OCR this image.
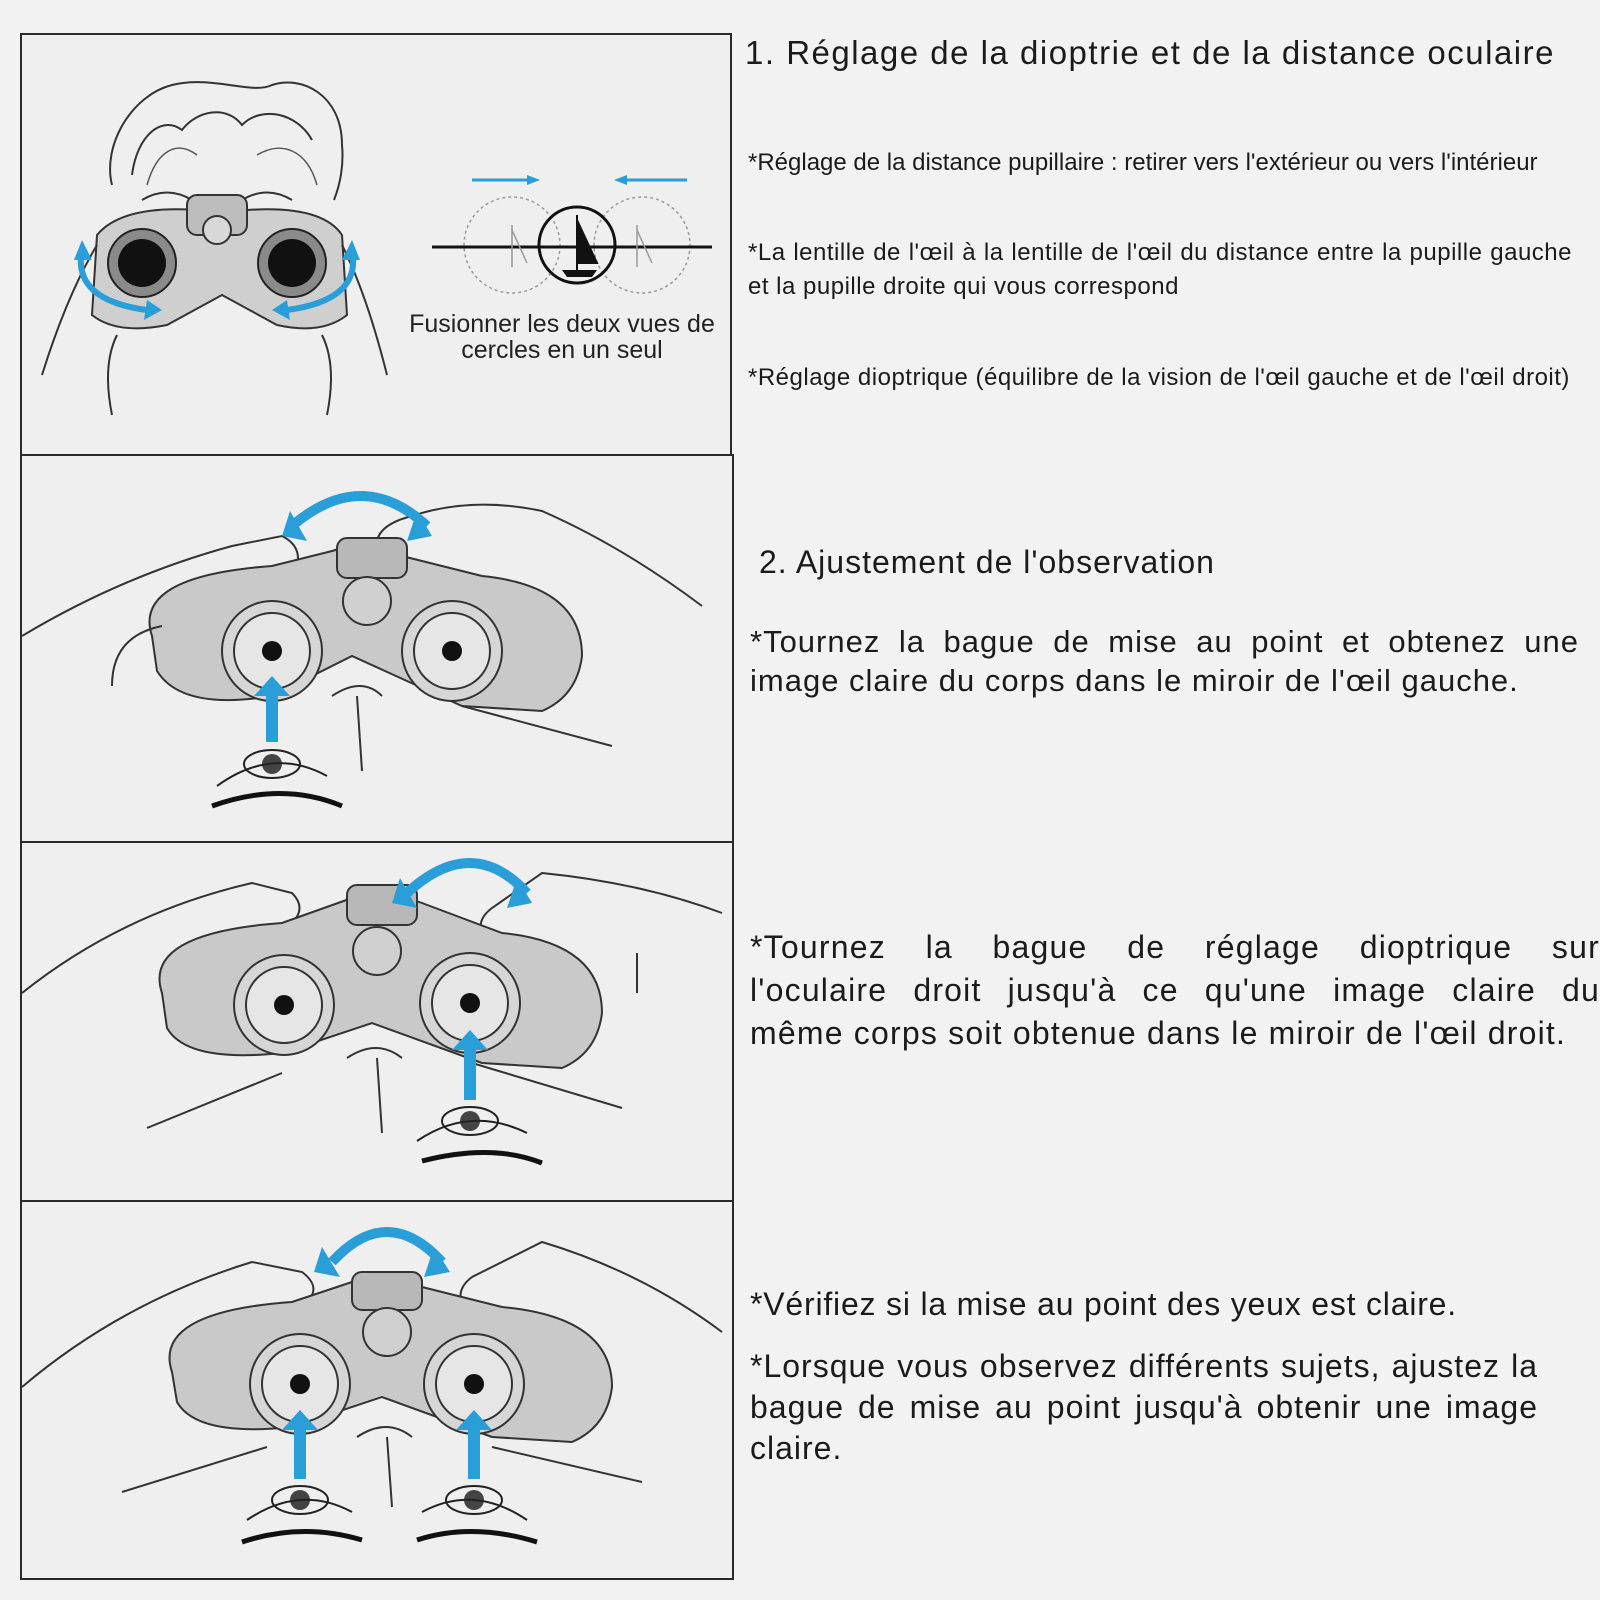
Fusionner les deux vues de cercles en un seul
1. Réglage de la dioptrie et de la distance oculaire
*Réglage de la distance pupillaire : retirer vers l'extérieur ou vers l'intérieur
*La lentille de l'œil à la lentille de l'œil du distance entre la pupille gauche et la pupille droite qui vous correspond
*Réglage dioptrique (équilibre de la vision de l'œil gauche et de l'œil droit)
2. Ajustement de l'observation
*Tournez la bague de mise au point et obtenez une image claire du corps dans le miroir de l'œil gauche.
*Tournez la bague de réglage dioptrique sur
l'oculaire droit jusqu'à ce qu'une image claire du
même corps soit obtenue dans le miroir de l'œil droit.
*Vérifiez si la mise au point des yeux est claire.
*Lorsque vous observez différents sujets, ajustez la bague de mise au point jusqu'à obtenir une image claire.
